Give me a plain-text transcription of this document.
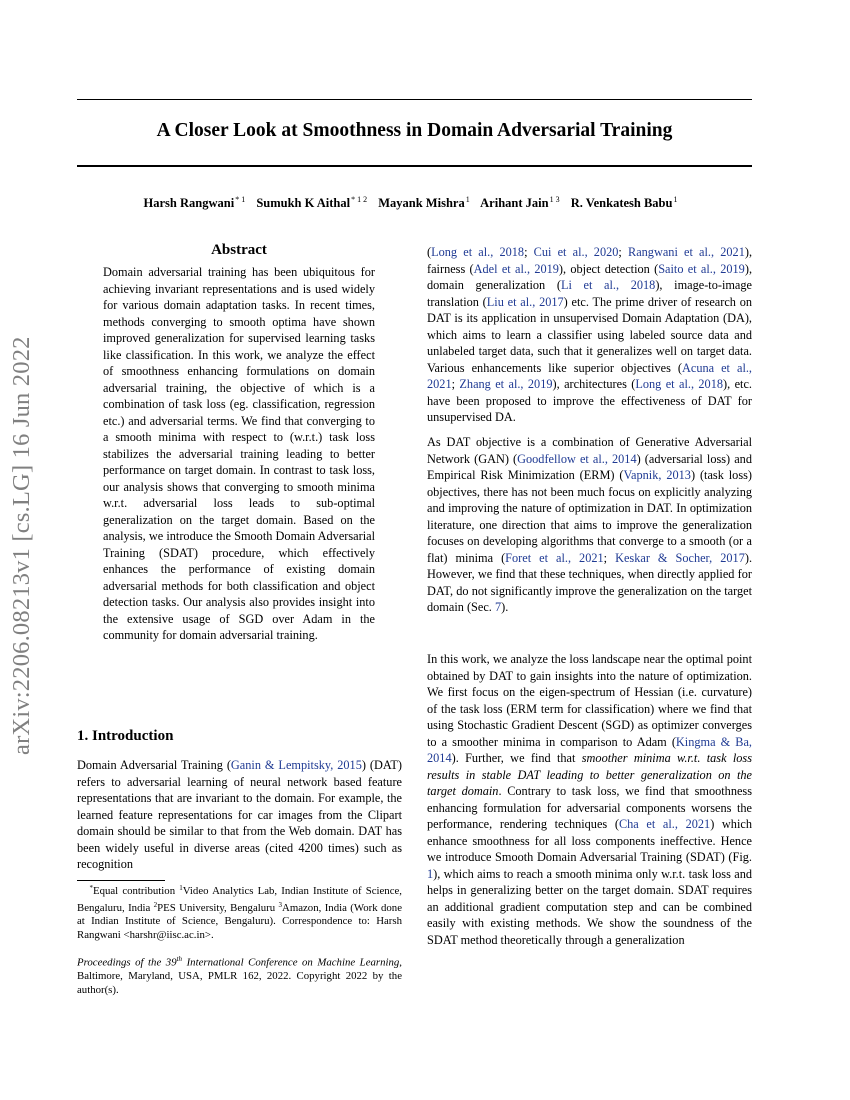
arXiv:2206.08213v1 [cs.LG] 16 Jun 2022
A Closer Look at Smoothness in Domain Adversarial Training
Harsh Rangwani$^{* 1}$ Sumukh K Aithal$^{* 1 2}$ Mayank Mishra$^1$ Arihant Jain$^{1 3}$ R. Venkatesh Babu$^1$
Abstract
Domain adversarial training has been ubiquitous for achieving invariant representations and is used widely for various domain adaptation tasks. In recent times, methods converging to smooth optima have shown improved generalization for supervised learning tasks like classification. In this work, we analyze the effect of smoothness enhancing formulations on domain adversarial training, the objective of which is a combination of task loss (eg. classification, regression etc.) and adversarial terms. We find that converging to a smooth minima with respect to (w.r.t.) task loss stabilizes the adversarial training leading to better performance on target domain. In contrast to task loss, our analysis shows that converging to smooth minima w.r.t. adversarial loss leads to sub-optimal generalization on the target domain. Based on the analysis, we introduce the Smooth Domain Adversarial Training (SDAT) procedure, which effectively enhances the performance of existing domain adversarial methods for both classification and object detection tasks. Our analysis also provides insight into the extensive usage of SGD over Adam in the community for domain adversarial training.
1. Introduction
Domain Adversarial Training (Ganin & Lempitsky, 2015) (DAT) refers to adversarial learning of neural network based feature representations that are invariant to the domain. For example, the learned feature representations for car images from the Clipart domain should be similar to that from the Web domain. DAT has been widely useful in diverse areas (cited 4200 times) such as recognition
*Equal contribution $^1$Video Analytics Lab, Indian Institute of Science, Bengaluru, India $^2$PES University, Bengaluru $^3$Amazon, India (Work done at Indian Institute of Science, Bengaluru). Correspondence to: Harsh Rangwani <harshr@iisc.ac.in>.
Proceedings of the 39th International Conference on Machine Learning, Baltimore, Maryland, USA, PMLR 162, 2022. Copyright 2022 by the author(s).
(Long et al., 2018; Cui et al., 2020; Rangwani et al., 2021), fairness (Adel et al., 2019), object detection (Saito et al., 2019), domain generalization (Li et al., 2018), image-to-image translation (Liu et al., 2017) etc. The prime driver of research on DAT is its application in unsupervised Domain Adaptation (DA), which aims to learn a classifier using labeled source data and unlabeled target data, such that it generalizes well on target data. Various enhancements like superior objectives (Acuna et al., 2021; Zhang et al., 2019), architectures (Long et al., 2018), etc. have been proposed to improve the effectiveness of DAT for unsupervised DA.
As DAT objective is a combination of Generative Adversarial Network (GAN) (Goodfellow et al., 2014) (adversarial loss) and Empirical Risk Minimization (ERM) (Vapnik, 2013) (task loss) objectives, there has not been much focus on explicitly analyzing and improving the nature of optimization in DAT. In optimization literature, one direction that aims to improve the generalization focuses on developing algorithms that converge to a smooth (or a flat) minima (Foret et al., 2021; Keskar & Socher, 2017). However, we find that these techniques, when directly applied for DAT, do not significantly improve the generalization on the target domain (Sec. 7).
In this work, we analyze the loss landscape near the optimal point obtained by DAT to gain insights into the nature of optimization. We first focus on the eigen-spectrum of Hessian (i.e. curvature) of the task loss (ERM term for classification) where we find that using Stochastic Gradient Descent (SGD) as optimizer converges to a smoother minima in comparison to Adam (Kingma & Ba, 2014). Further, we find that smoother minima w.r.t. task loss results in stable DAT leading to better generalization on the target domain. Contrary to task loss, we find that smoothness enhancing formulation for adversarial components worsens the performance, rendering techniques (Cha et al., 2021) which enhance smoothness for all loss components ineffective. Hence we introduce Smooth Domain Adversarial Training (SDAT) (Fig. 1), which aims to reach a smooth minima only w.r.t. task loss and helps in generalizing better on the target domain. SDAT requires an additional gradient computation step and can be combined easily with existing methods. We show the soundness of the SDAT method theoretically through a generalization
